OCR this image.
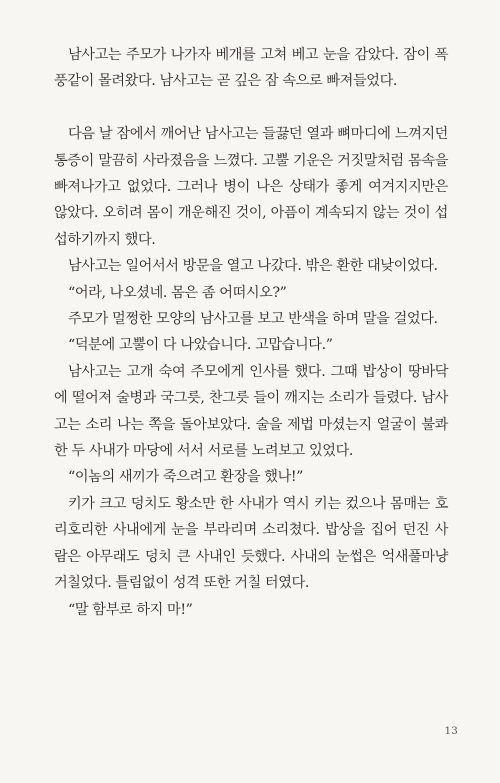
남사고는 주모가 나가자 베개를 고쳐 베고 눈을 감았다. 잠이 폭풍같이 몰려왔다. 남사고는 곧 깊은 잠 속으로 빠져들었다.

다음 날 잠에서 깨어난 남사고는 들끓던 열과 뼈마디에 느껴지던 통증이 말끔히 사라졌음을 느꼈다. 고뿔 기운은 거짓말처럼 몸속을 빠져나가고 없었다. 그러나 병이 나은 상태가 좋게 여겨지지만은 않았다. 오히려 몸이 개운해진 것이, 아픔이 계속되지 않는 것이 섭섭하기까지 했다.

남사고는 일어서서 방문을 열고 나갔다. 밖은 환한 대낮이었다.

“어라, 나오셨네. 몸은 좀 어떠시오?”

주모가 멀쩡한 모양의 남사고를 보고 반색을 하며 말을 걸었다.

“덕분에 고뿔이 다 나았습니다. 고맙습니다.”

남사고는 고개 숙여 주모에게 인사를 했다. 그때 밥상이 땅바닥에 떨어져 술병과 국그릇, 찬그릇 들이 깨지는 소리가 들렸다. 남사고는 소리 나는 쪽을 돌아보았다. 술을 제법 마셨는지 얼굴이 불콰한 두 사내가 마당에 서서 서로를 노려보고 있었다.

“이놈의 새끼가 죽으려고 환장을 했나!”

키가 크고 덩치도 황소만 한 사내가 역시 키는 컸으나 몸매는 호리호리한 사내에게 눈을 부라리며 소리쳤다. 밥상을 집어 던진 사람은 아무래도 덩치 큰 사내인 듯했다. 사내의 눈썹은 억새풀마냥 거칠었다. 틀림없이 성격 또한 거칠 터였다.

“말 함부로 하지 마!”

13
